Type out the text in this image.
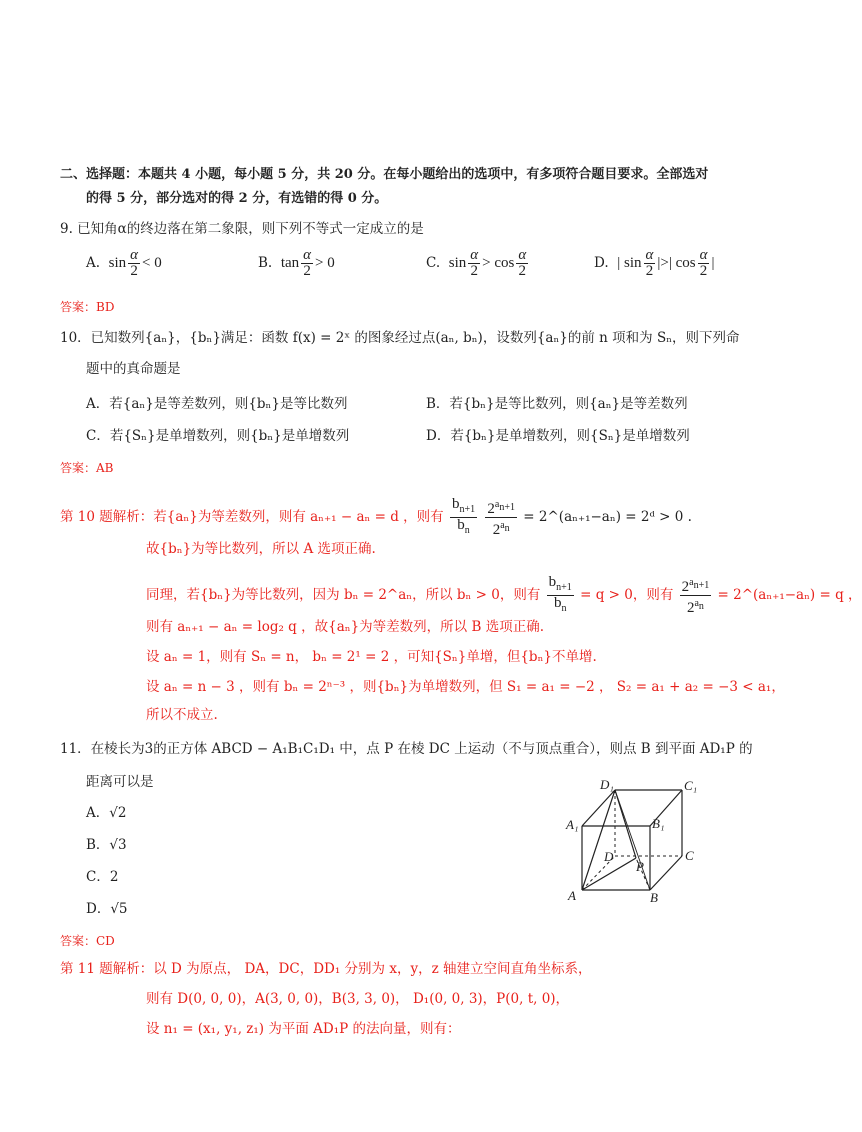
二、选择题：本题共 4 小题，每小题 5 分，共 20 分。在每小题给出的选项中，有多项符合题目要求。全部选对
的得 5 分，部分选对的得 2 分，有选错的得 0 分。
9. 已知角α的终边落在第二象限，则下列不等式一定成立的是
A. $\sin \frac{\alpha}{2} < 0$	B. $\tan \frac{\alpha}{2} > 0$	C. $\sin \frac{\alpha}{2} > \cos \frac{\alpha}{2}$	D. | $\sin \frac{\alpha}{2}$ |>| $\cos \frac{\alpha}{2}$ |
答案：BD
10．已知数列{aₙ}，{bₙ}满足：函数 f(x) = 2ˣ 的图象经过点(aₙ, bₙ)，设数列{aₙ}的前 n 项和为 Sₙ，则下列命
题中的真命题是
A．若{aₙ}是等差数列，则{bₙ}是等比数列	B．若{bₙ}是等比数列，则{aₙ}是等差数列
C．若{Sₙ}是单增数列，则{bₙ}是单增数列	D．若{bₙ}是单增数列，则{Sₙ}是单增数列
答案：AB
第 10 题解析：若{aₙ}为等差数列，则有 aₙ₊₁ − aₙ = d ，则有 $\frac{b_{n+1}}{b_n}$
$\frac{2^{a_{n+1}}}{2^{a_n}}$ = 2^(aₙ₊₁−aₙ) = 2ᵈ > 0 .
故{bₙ}为等比数列，所以 A 选项正确.
同理，若{bₙ}为等比数列，因为 bₙ = 2^aₙ，所以 bₙ > 0，则有 $\frac{b_{n+1}}{b_n} = q > 0$，则有 $\frac{2^{a_{n+1}}}{2^{a_n}}$ = 2^(aₙ₊₁−aₙ) = q ，
则有 aₙ₊₁ − aₙ = log₂ q ，故{aₙ}为等差数列，所以 B 选项正确.
设 aₙ = 1，则有 Sₙ = n， bₙ = 2¹ = 2 ，可知{Sₙ}单增，但{bₙ}不单增.
设 aₙ = n − 3 ，则有 bₙ = 2ⁿ⁻³ ，则{bₙ}为单增数列，但 S₁ = a₁ = −2 ， S₂ = a₁ + a₂ = −3 < a₁，
所以不成立.
11．在棱长为3的正方体 ABCD − A₁B₁C₁D₁ 中，点 P 在棱 DC 上运动（不与顶点重合），则点 B 到平面 AD₁P 的
距离可以是
A．√2
B．√3
C．2
D．√5
答案：CD
第 11 题解析：以 D 为原点， DA，DC，DD₁ 分别为 x，y，z 轴建立空间直角坐标系，
则有 D(0, 0, 0)，A(3, 0, 0)，B(3, 3, 0)， D₁(0, 0, 3)，P(0, t, 0)，
设 n₁ = (x₁, y₁, z₁) 为平面 AD₁P 的法向量，则有：
D₁	C₁
A₁	B₁
D
P
C
A	B
